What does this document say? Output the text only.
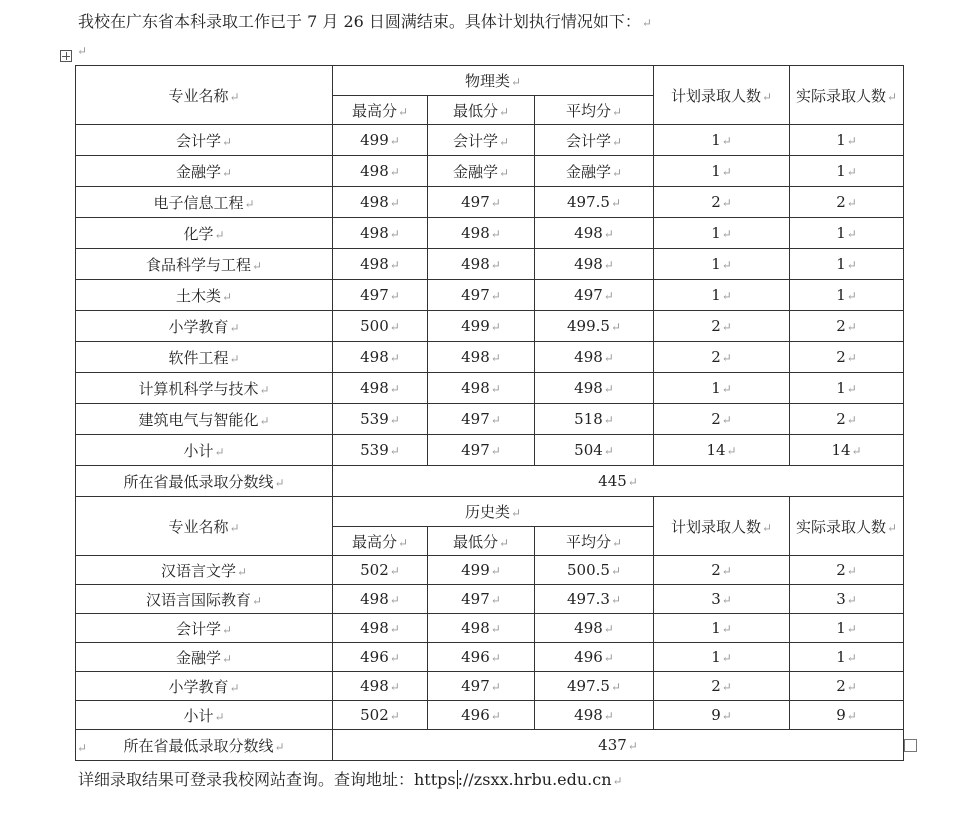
我校在广东省本科录取工作已于 7 月 26 日圆满结束。具体计划执行情况如下：↵
↵
专业名称↵	物理类↵			计划录取人数↵	实际录取人数↵
	最高分↵	最低分↵	平均分↵		
会计学↵	499↵	会计学↵	会计学↵	1↵	1↵
金融学↵	498↵	金融学↵	金融学↵	1↵	1↵
电子信息工程↵	498↵	497↵	497.5↵	2↵	2↵
化学↵	498↵	498↵	498↵	1↵	1↵
食品科学与工程↵	498↵	498↵	498↵	1↵	1↵
土木类↵	497↵	497↵	497↵	1↵	1↵
小学教育↵	500↵	499↵	499.5↵	2↵	2↵
软件工程↵	498↵	498↵	498↵	2↵	2↵
计算机科学与技术↵	498↵	498↵	498↵	1↵	1↵
建筑电气与智能化↵	539↵	497↵	518↵	2↵	2↵
小计↵	539↵	497↵	504↵	14↵	14↵
所在省最低录取分数线↵	445↵				
专业名称↵	历史类↵			计划录取人数↵	实际录取人数↵
	最高分↵	最低分↵	平均分↵		
汉语言文学↵	502↵	499↵	500.5↵	2↵	2↵
汉语言国际教育↵	498↵	497↵	497.3↵	3↵	3↵
会计学↵	498↵	498↵	498↵	1↵	1↵
金融学↵	496↵	496↵	496↵	1↵	1↵
小学教育↵	498↵	497↵	497.5↵	2↵	2↵
小计↵	502↵	496↵	498↵	9↵	9↵
所在省最低录取分数线↵	437↵				
↵
详细录取结果可登录我校网站查询。查询地址：https ://zsxx.hrbu.edu.cn↵
